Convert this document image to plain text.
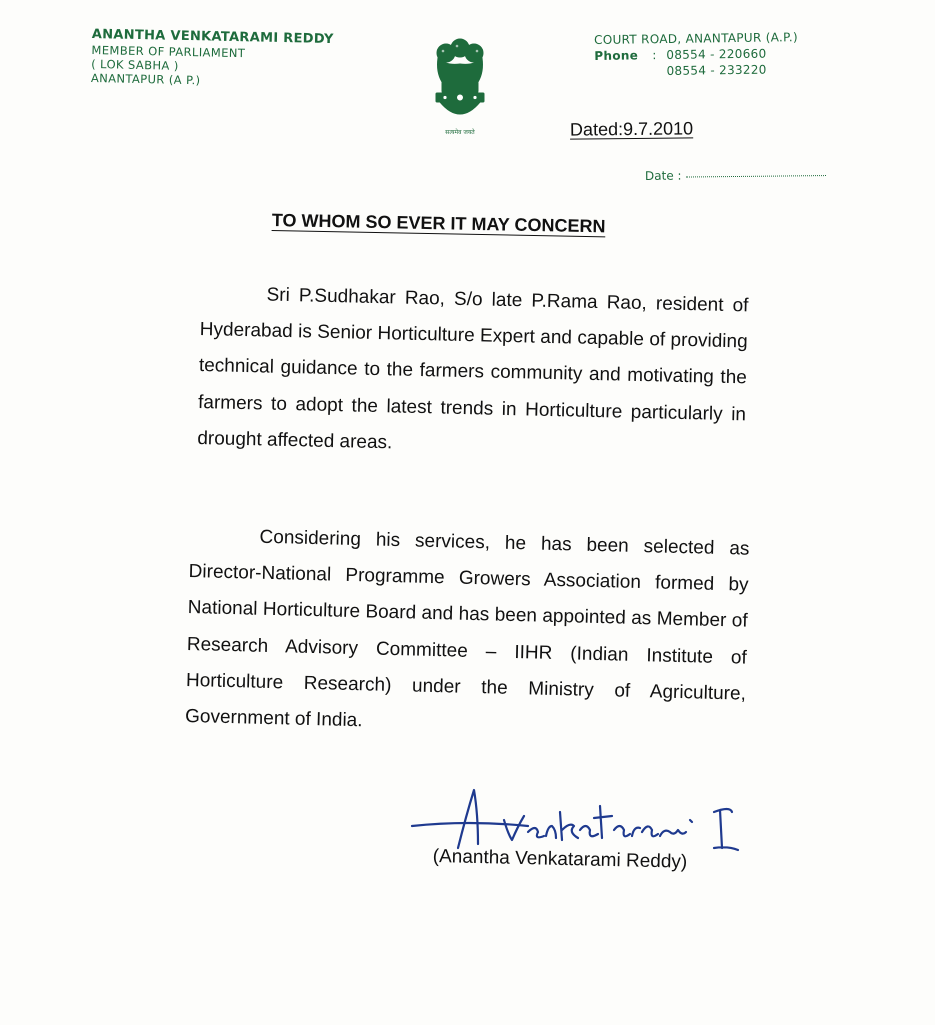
ANANTHA VENKATARAMI REDDY
MEMBER OF PARLIAMENT
( LOK SABHA )
ANANTAPUR (A P.)
सत्यमेव जयते
COURT ROAD, ANANTAPUR (A.P.)
Phone	: 08554 - 220660
08554 - 233220
Dated:9.7.2010
Date :
TO WHOM SO EVER IT MAY CONCERN
Sri P.Sudhakar Rao, S/o late P.Rama Rao, resident of Hyderabad is Senior Horticulture Expert and capable of providing technical guidance to the farmers community and motivating the farmers to adopt the latest trends in Horticulture particularly in drought affected areas.
Considering his services, he has been selected as Director-National Programme Growers Association formed by National Horticulture Board and has been appointed as Member of Research Advisory Committee – IIHR (Indian Institute of Horticulture Research) under the Ministry of Agriculture, Government of India.
(Anantha Venkatarami Reddy)
